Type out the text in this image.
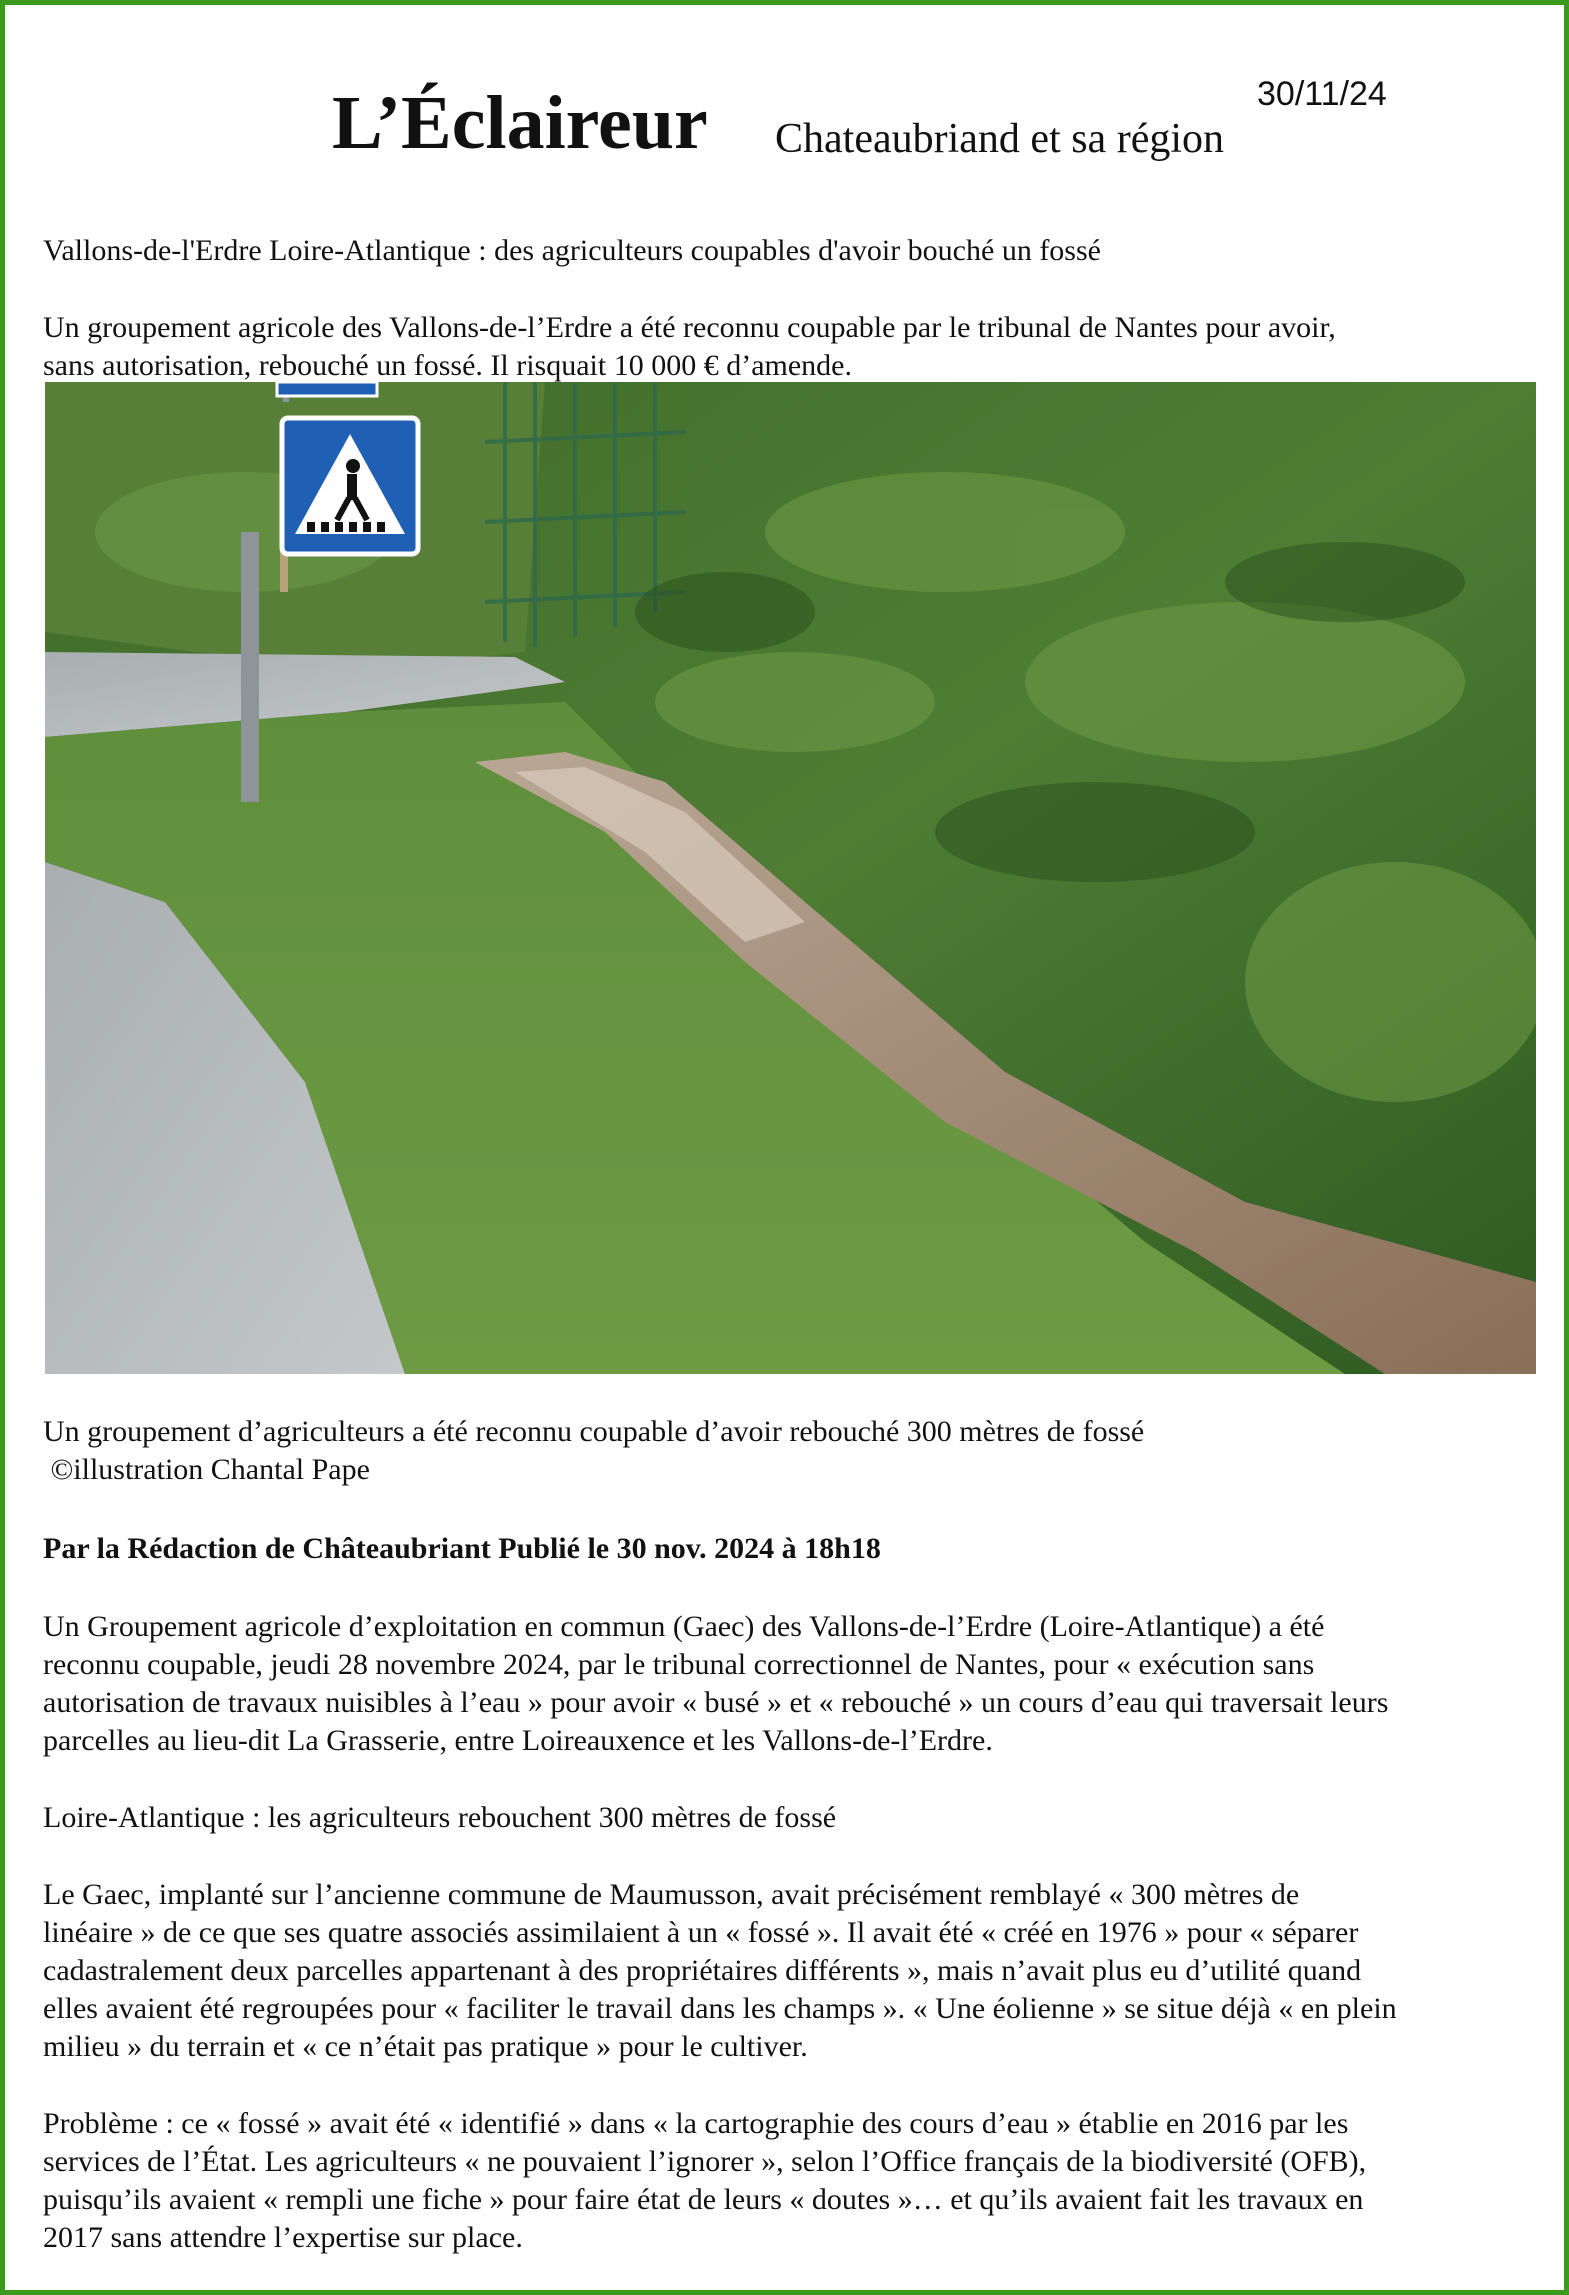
L’Éclaireur Chateaubriand et sa région
30/11/24

Vallons-de-l'Erdre Loire-Atlantique : des agriculteurs coupables d'avoir bouché un fossé

Un groupement agricole des Vallons-de-l’Erdre a été reconnu coupable par le tribunal de Nantes pour avoir,

sans autorisation, rebouché un fossé. Il risquait 10 000 € d’amende.

Un groupement d’agriculteurs a été reconnu coupable d’avoir rebouché 300 mètres de fossé

©illustration Chantal Pape

Par la Rédaction de Châteaubriant Publié le 30 nov. 2024 à 18h18

Un Groupement agricole d’exploitation en commun (Gaec) des Vallons-de-l’Erdre (Loire-Atlantique) a été

reconnu coupable, jeudi 28 novembre 2024, par le tribunal correctionnel de Nantes, pour « exécution sans

autorisation de travaux nuisibles à l’eau » pour avoir « busé » et « rebouché » un cours d’eau qui traversait leurs

parcelles au lieu-dit La Grasserie, entre Loireauxence et les Vallons-de-l’Erdre.

Loire-Atlantique : les agriculteurs rebouchent 300 mètres de fossé

Le Gaec, implanté sur l’ancienne commune de Maumusson, avait précisément remblayé « 300 mètres de

linéaire » de ce que ses quatre associés assimilaient à un « fossé ». Il avait été « créé en 1976 » pour « séparer

cadastralement deux parcelles appartenant à des propriétaires différents », mais n’avait plus eu d’utilité quand

elles avaient été regroupées pour « faciliter le travail dans les champs ». « Une éolienne » se situe déjà « en plein

milieu » du terrain et « ce n’était pas pratique » pour le cultiver.

Problème : ce « fossé » avait été « identifié » dans « la cartographie des cours d’eau » établie en 2016 par les

services de l’État. Les agriculteurs « ne pouvaient l’ignorer », selon l’Office français de la biodiversité (OFB),

puisqu’ils avaient « rempli une fiche » pour faire état de leurs « doutes »… et qu’ils avaient fait les travaux en

2017 sans attendre l’expertise sur place.
